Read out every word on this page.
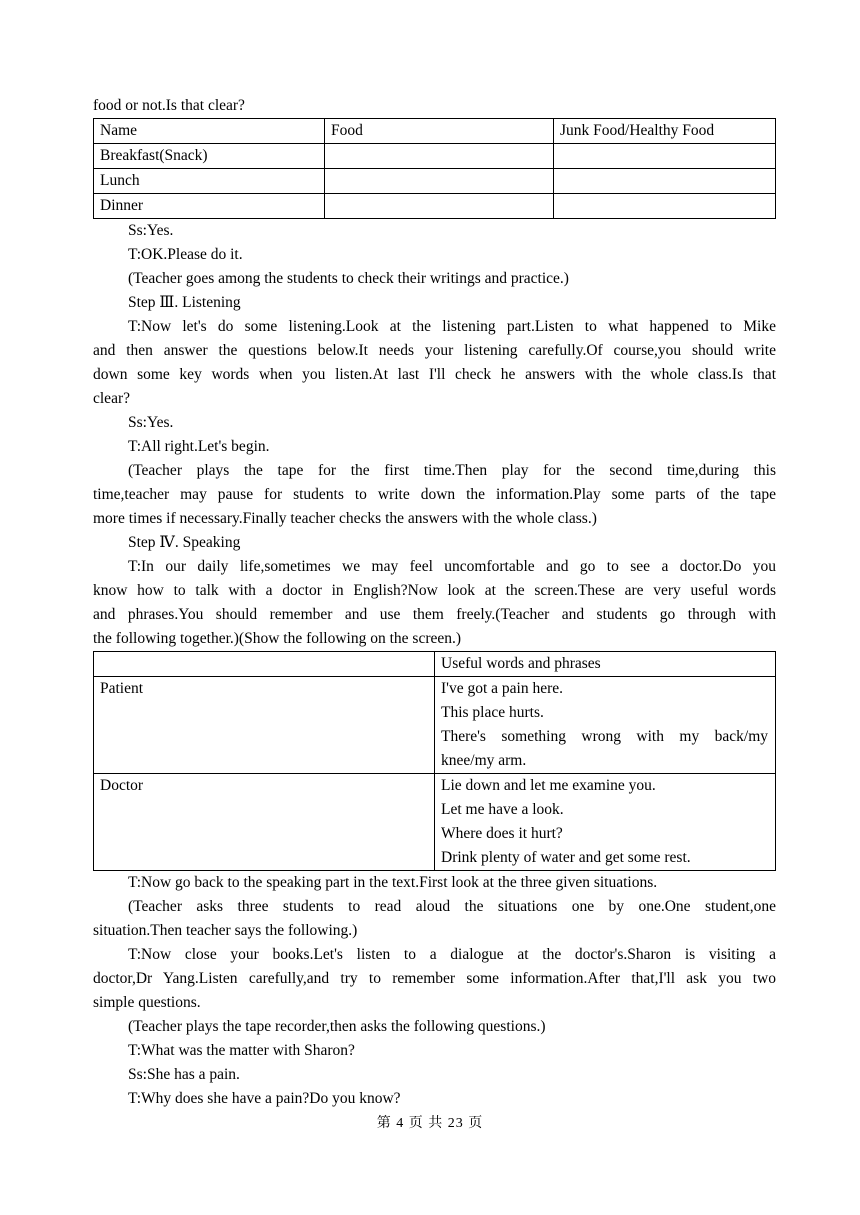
food or not.Is that clear?
Name	Food	Junk Food/Healthy Food
Breakfast(Snack)		
Lunch		
Dinner		
Ss:Yes.
T:OK.Please do it.
(Teacher goes among the students to check their writings and practice.)
Step Ⅲ. Listening
T:Now let's do some listening.Look at the listening part.Listen to what happened to Mike
and then answer the questions below.It needs your listening carefully.Of course,you should write
down some key words when you listen.At last I'll check he answers with the whole class.Is that
clear?
Ss:Yes.
T:All right.Let's begin.
(Teacher plays the tape for the first time.Then play for the second time,during this
time,teacher may pause for students to write down the information.Play some parts of the tape
more times if necessary.Finally teacher checks the answers with the whole class.)
Step Ⅳ. Speaking
T:In our daily life,sometimes we may feel uncomfortable and go to see a doctor.Do you
know how to talk with a doctor in English?Now look at the screen.These are very useful words
and phrases.You should remember and use them freely.(Teacher and students go through with
the following together.)(Show the following on the screen.)
	Useful words and phrases
Patient	I've got a pain here.
This place hurts.
There's something wrong with my back/my
knee/my arm.

Doctor	Lie down and let me examine you.
Let me have a look.
Where does it hurt?
Drink plenty of water and get some rest.
T:Now go back to the speaking part in the text.First look at the three given situations.
(Teacher asks three students to read aloud the situations one by one.One student,one
situation.Then teacher says the following.)
T:Now close your books.Let's listen to a dialogue at the doctor's.Sharon is visiting a
doctor,Dr Yang.Listen carefully,and try to remember some information.After that,I'll ask you two
simple questions.
(Teacher plays the tape recorder,then asks the following questions.)
T:What was the matter with Sharon?
Ss:She has a pain.
T:Why does she have a pain?Do you know?
第 4 页 共 23 页
